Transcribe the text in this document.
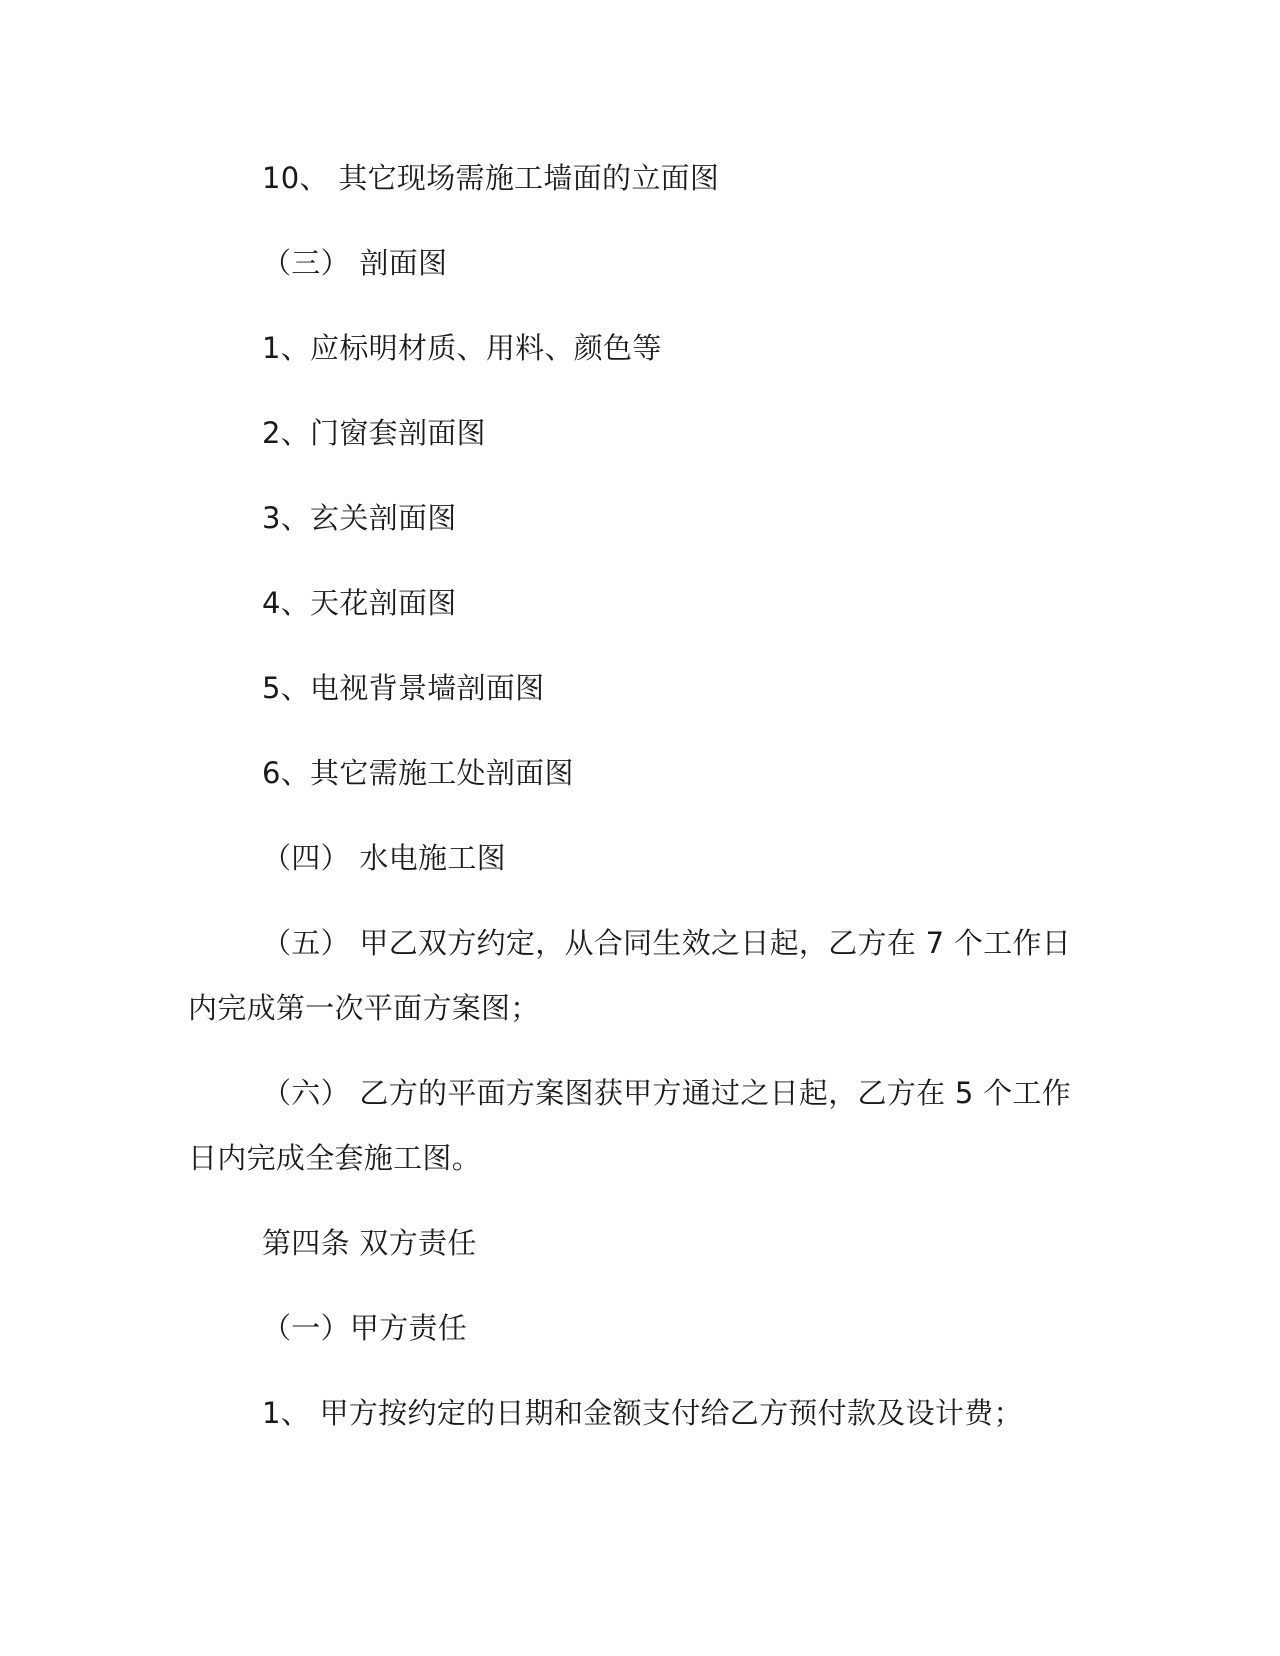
10、 其它现场需施工墙面的立面图
（三） 剖面图
1、应标明材质、用料、颜色等
2、门窗套剖面图
3、玄关剖面图
4、天花剖面图
5、电视背景墙剖面图
6、其它需施工处剖面图
（四） 水电施工图
（五） 甲乙双方约定，从合同生效之日起，乙方在 7 个工作日
内完成第一次平面方案图；
（六） 乙方的平面方案图获甲方通过之日起，乙方在 5 个工作
日内完成全套施工图。
第四条 双方责任
（一）甲方责任
1、 甲方按约定的日期和金额支付给乙方预付款及设计费；
